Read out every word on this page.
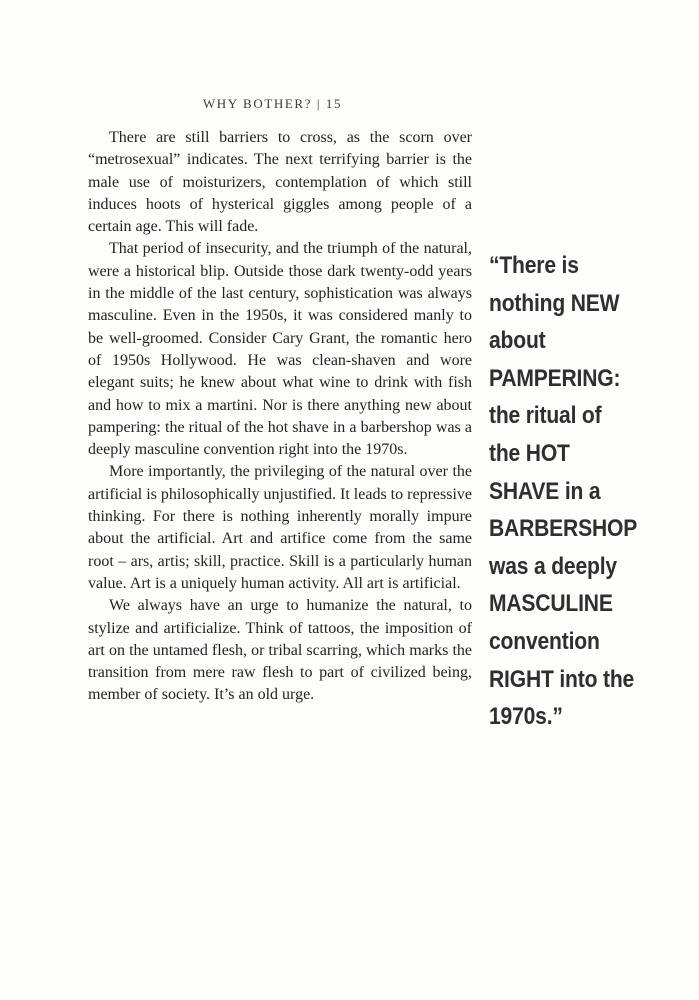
WHY BOTHER? | 15

There are still barriers to cross, as the scorn over “metrosexual” indicates. The next terrifying barrier is the male use of moisturizers, contemplation of which still induces hoots of hysterical giggles among people of a certain age. This will fade.

That period of insecurity, and the triumph of the natural, were a historical blip. Outside those dark twenty-odd years in the middle of the last century, sophistication was always masculine. Even in the 1950s, it was considered manly to be well-groomed. Consider Cary Grant, the romantic hero of 1950s Hollywood. He was clean-shaven and wore elegant suits; he knew about what wine to drink with fish and how to mix a martini. Nor is there anything new about pampering: the ritual of the hot shave in a barbershop was a deeply masculine convention right into the 1970s.

More importantly, the privileging of the natural over the artificial is philosophically unjustified. It leads to repressive thinking. For there is nothing inherently morally impure about the artificial. Art and artifice come from the same root – ars, artis; skill, practice. Skill is a particularly human value. Art is a uniquely human activity. All art is artificial.

We always have an urge to humanize the natural, to stylize and artificialize. Think of tattoos, the imposition of art on the untamed flesh, or tribal scarring, which marks the transition from mere raw flesh to part of civilized being, member of society. It’s an old urge.

“There is
nothing NEW
about
PAMPERING:
the ritual of
the HOT
SHAVE in a
BARBERSHOP
was a deeply
MASCULINE
convention
RIGHT into the
1970s.”
